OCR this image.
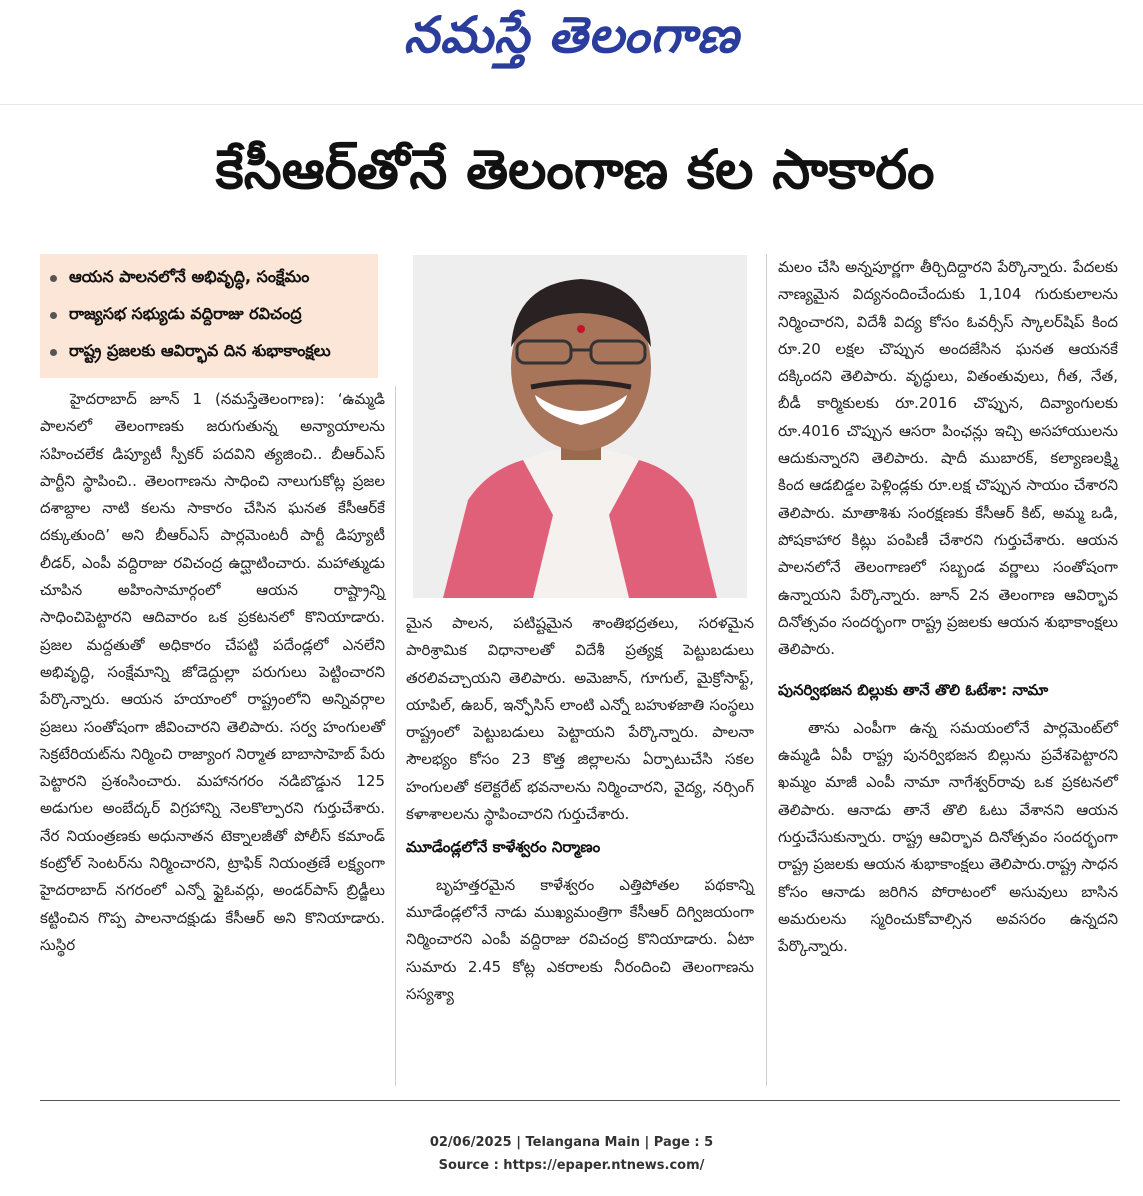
నమస్తే తెలంగాణ
కేసీఆర్‌తోనే తెలంగాణ కల సాకారం
ఆయన పాలనలోనే అభివృద్ధి, సంక్షేమం
రాజ్యసభ సభ్యుడు వద్దిరాజు రవిచంద్ర
రాష్ట్ర ప్రజలకు ఆవిర్భావ దిన శుభాకాంక్షలు

హైదరాబాద్ జూన్ 1 (నమస్తేతెలంగాణ): ‘ఉమ్మడి పాలనలో తెలంగాణకు జరుగుతున్న అన్యాయాలను సహించలేక డిప్యూటీ స్పీకర్ పదవిని త్యజించి.. బీఆర్ఎస్ పార్టీని స్థాపించి.. తెలంగాణను సాధించి నాలుగుకోట్ల ప్రజల దశాబ్దాల నాటి కలను సాకారం చేసిన ఘనత కేసీఆర్‌కే దక్కుతుంది’ అని బీఆర్ఎస్ పార్లమెంటరీ పార్టీ డిప్యూటీ లీడర్, ఎంపీ వద్దిరాజు రవిచంద్ర ఉద్ఘాటించారు. మహాత్ముడు చూపిన అహింసామార్గంలో ఆయన రాష్ట్రాన్ని సాధించిపెట్టారని ఆదివారం ఒక ప్రకటనలో కొనియాడారు. ప్రజల మద్దతుతో అధికారం చేపట్టి పదేండ్లలో ఎనలేని అభివృద్ధి, సంక్షేమాన్ని జోడెద్దుల్లా పరుగులు పెట్టించారని పేర్కొన్నారు. ఆయన హయాంలో రాష్ట్రంలోని అన్నివర్గాల ప్రజలు సంతోషంగా జీవించారని తెలిపారు. సర్వ హంగులతో సెక్రటేరియట్‌ను నిర్మించి రాజ్యాంగ నిర్మాత బాబాసాహెబ్ పేరు పెట్టారని ప్రశంసించారు. మహానగరం నడిబొడ్డున 125 అడుగుల అంబేద్కర్ విగ్రహాన్ని నెలకొల్పారని గుర్తుచేశారు. నేర నియంత్రణకు అధునాతన టెక్నాలజీతో పోలీస్ కమాండ్ కంట్రోల్ సెంటర్‌ను నిర్మించారని, ట్రాఫిక్ నియంత్రణే లక్ష్యంగా హైదరాబాద్ నగరంలో ఎన్నో ఫ్లైఓవర్లు, అండర్‌పాస్ బ్రిడ్జీలు కట్టించిన గొప్ప పాలనాదక్షుడు కేసీఆర్ అని కొనియాడారు. సుస్థిర

మైన పాలన, పటిష్టమైన శాంతిభద్రతలు, సరళమైన పారిశ్రామిక విధానాలతో విదేశీ ప్రత్యక్ష పెట్టుబడులు తరలివచ్చాయని తెలిపారు. అమెజాన్, గూగుల్, మైక్రోసాఫ్ట్, యాపిల్, ఉబర్, ఇన్ఫోసిస్ లాంటి ఎన్నో బహుళజాతి సంస్థలు రాష్ట్రంలో పెట్టుబడులు పెట్టాయని పేర్కొన్నారు. పాలనా సౌలభ్యం కోసం 23 కొత్త జిల్లాలను ఏర్పాటుచేసి సకల హంగులతో కలెక్టరేట్ భవనాలను నిర్మించారని, వైద్య, నర్సింగ్ కళాశాలలను స్థాపించారని గుర్తుచేశారు.

మూడేండ్లలోనే కాళేశ్వరం నిర్మాణం

బృహత్తరమైన కాళేశ్వరం ఎత్తిపోతల పథకాన్ని మూడేండ్లలోనే నాడు ముఖ్యమంత్రిగా కేసీఆర్ దిగ్విజయంగా నిర్మించారని ఎంపీ వద్దిరాజు రవిచంద్ర కొనియాడారు. ఏటా సుమారు 2.45 కోట్ల ఎకరాలకు నీరందించి తెలంగాణను సస్యశ్యా

మలం చేసి అన్నపూర్ణగా తీర్చిదిద్దారని పేర్కొన్నారు. పేదలకు నాణ్యమైన విద్యనందించేందుకు 1,104 గురుకులాలను నిర్మించారని, విదేశీ విద్య కోసం ఓవర్సీస్ స్కాలర్‌షిప్ కింద రూ.20 లక్షల చొప్పున అందజేసిన ఘనత ఆయనకే దక్కిందని తెలిపారు. వృద్ధులు, వితంతువులు, గీత, నేత, బీడీ కార్మికులకు రూ.2016 చొప్పున, దివ్యాంగులకు రూ.4016 చొప్పున ఆసరా పింఛన్లు ఇచ్చి అసహాయులను ఆదుకున్నారని తెలిపారు. షాదీ ముబారక్, కల్యాణలక్ష్మి కింద ఆడబిడ్డల పెళ్లిండ్లకు రూ.లక్ష చొప్పున సాయం చేశారని తెలిపారు. మాతాశిశు సంరక్షణకు కేసీఆర్ కిట్, అమ్మ ఒడి, పోషకాహార కిట్లు పంపిణీ చేశారని గుర్తుచేశారు. ఆయన పాలనలోనే తెలంగాణలో సబ్బండ వర్ణాలు సంతోషంగా ఉన్నాయని పేర్కొన్నారు. జూన్ 2న తెలంగాణ ఆవిర్భావ దినోత్సవం సందర్భంగా రాష్ట్ర ప్రజలకు ఆయన శుభాకాంక్షలు తెలిపారు.

పునర్విభజన బిల్లుకు తానే తొలి ఓటేశా: నామా

తాను ఎంపీగా ఉన్న సమయంలోనే పార్లమెంట్‌లో ఉమ్మడి ఏపీ రాష్ట్ర పునర్విభజన బిల్లును ప్రవేశపెట్టారని ఖమ్మం మాజీ ఎంపీ నామా నాగేశ్వర్‌రావు ఒక ప్రకటనలో తెలిపారు. ఆనాడు తానే తొలి ఓటు వేశానని ఆయన గుర్తుచేసుకున్నారు. రాష్ట్ర ఆవిర్భావ దినోత్సవం సందర్భంగా రాష్ట్ర ప్రజలకు ఆయన శుభాకాంక్షలు తెలిపారు.రాష్ట్ర సాధన కోసం ఆనాడు జరిగిన పోరాటంలో అసువులు బాసిన అమరులను స్మరించుకోవాల్సిన అవసరం ఉన్నదని పేర్కొన్నారు.

02/06/2025 | Telangana Main | Page : 5
Source : https://epaper.ntnews.com/
